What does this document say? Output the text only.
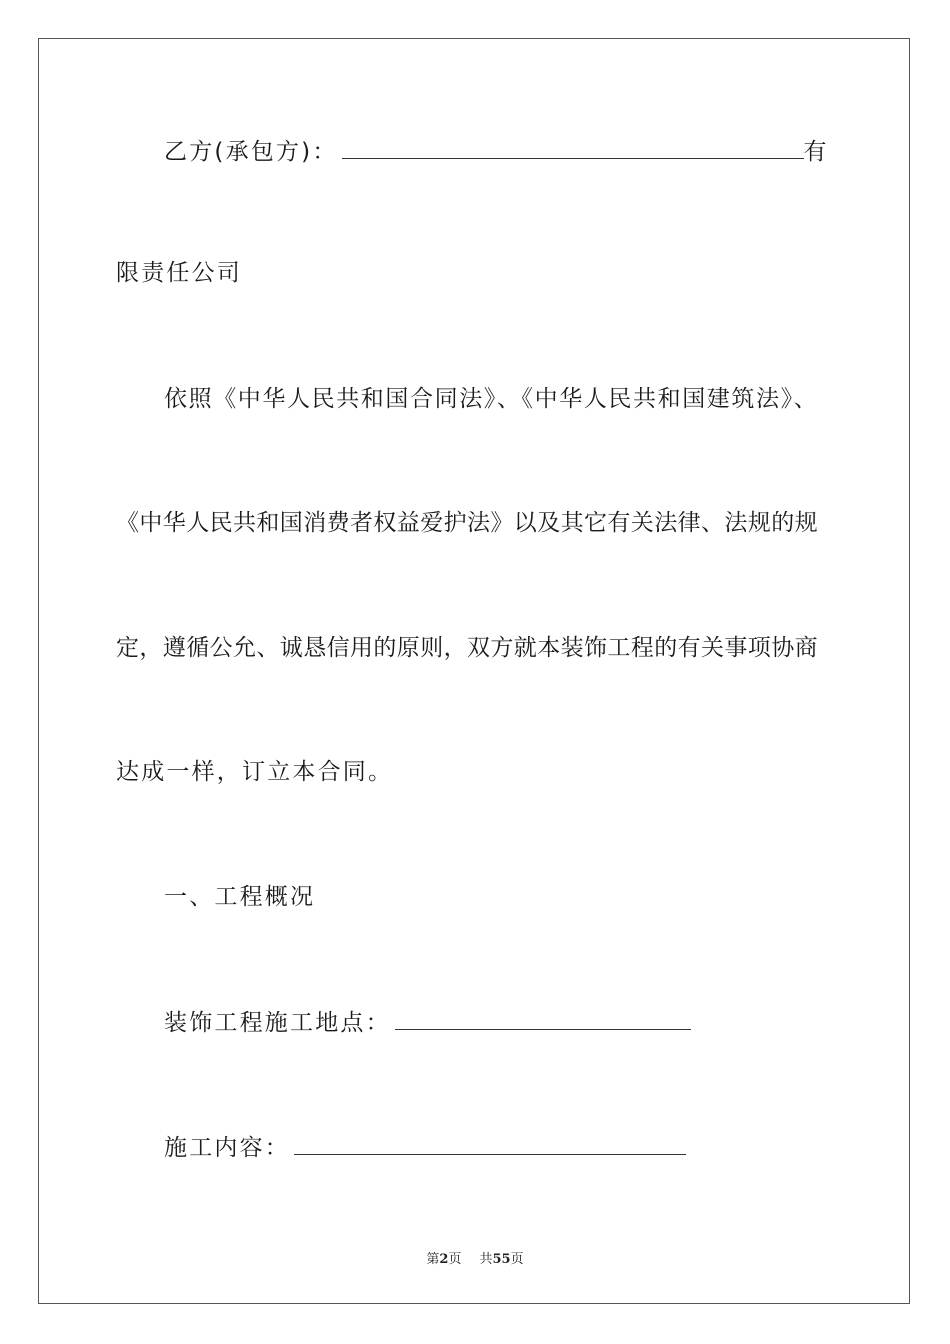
乙方(承包方)：	有
限责任公司
依照《中华人民共和国合同法》、《中华人民共和国建筑法》、
《中华人民共和国消费者权益爱护法》以及其它有关法律、法规的规
定，遵循公允、诚恳信用的原则，双方就本装饰工程的有关事项协商
达成一样，订立本合同。
一、工程概况
装饰工程施工地点：
施工内容：
第2页 共55页
